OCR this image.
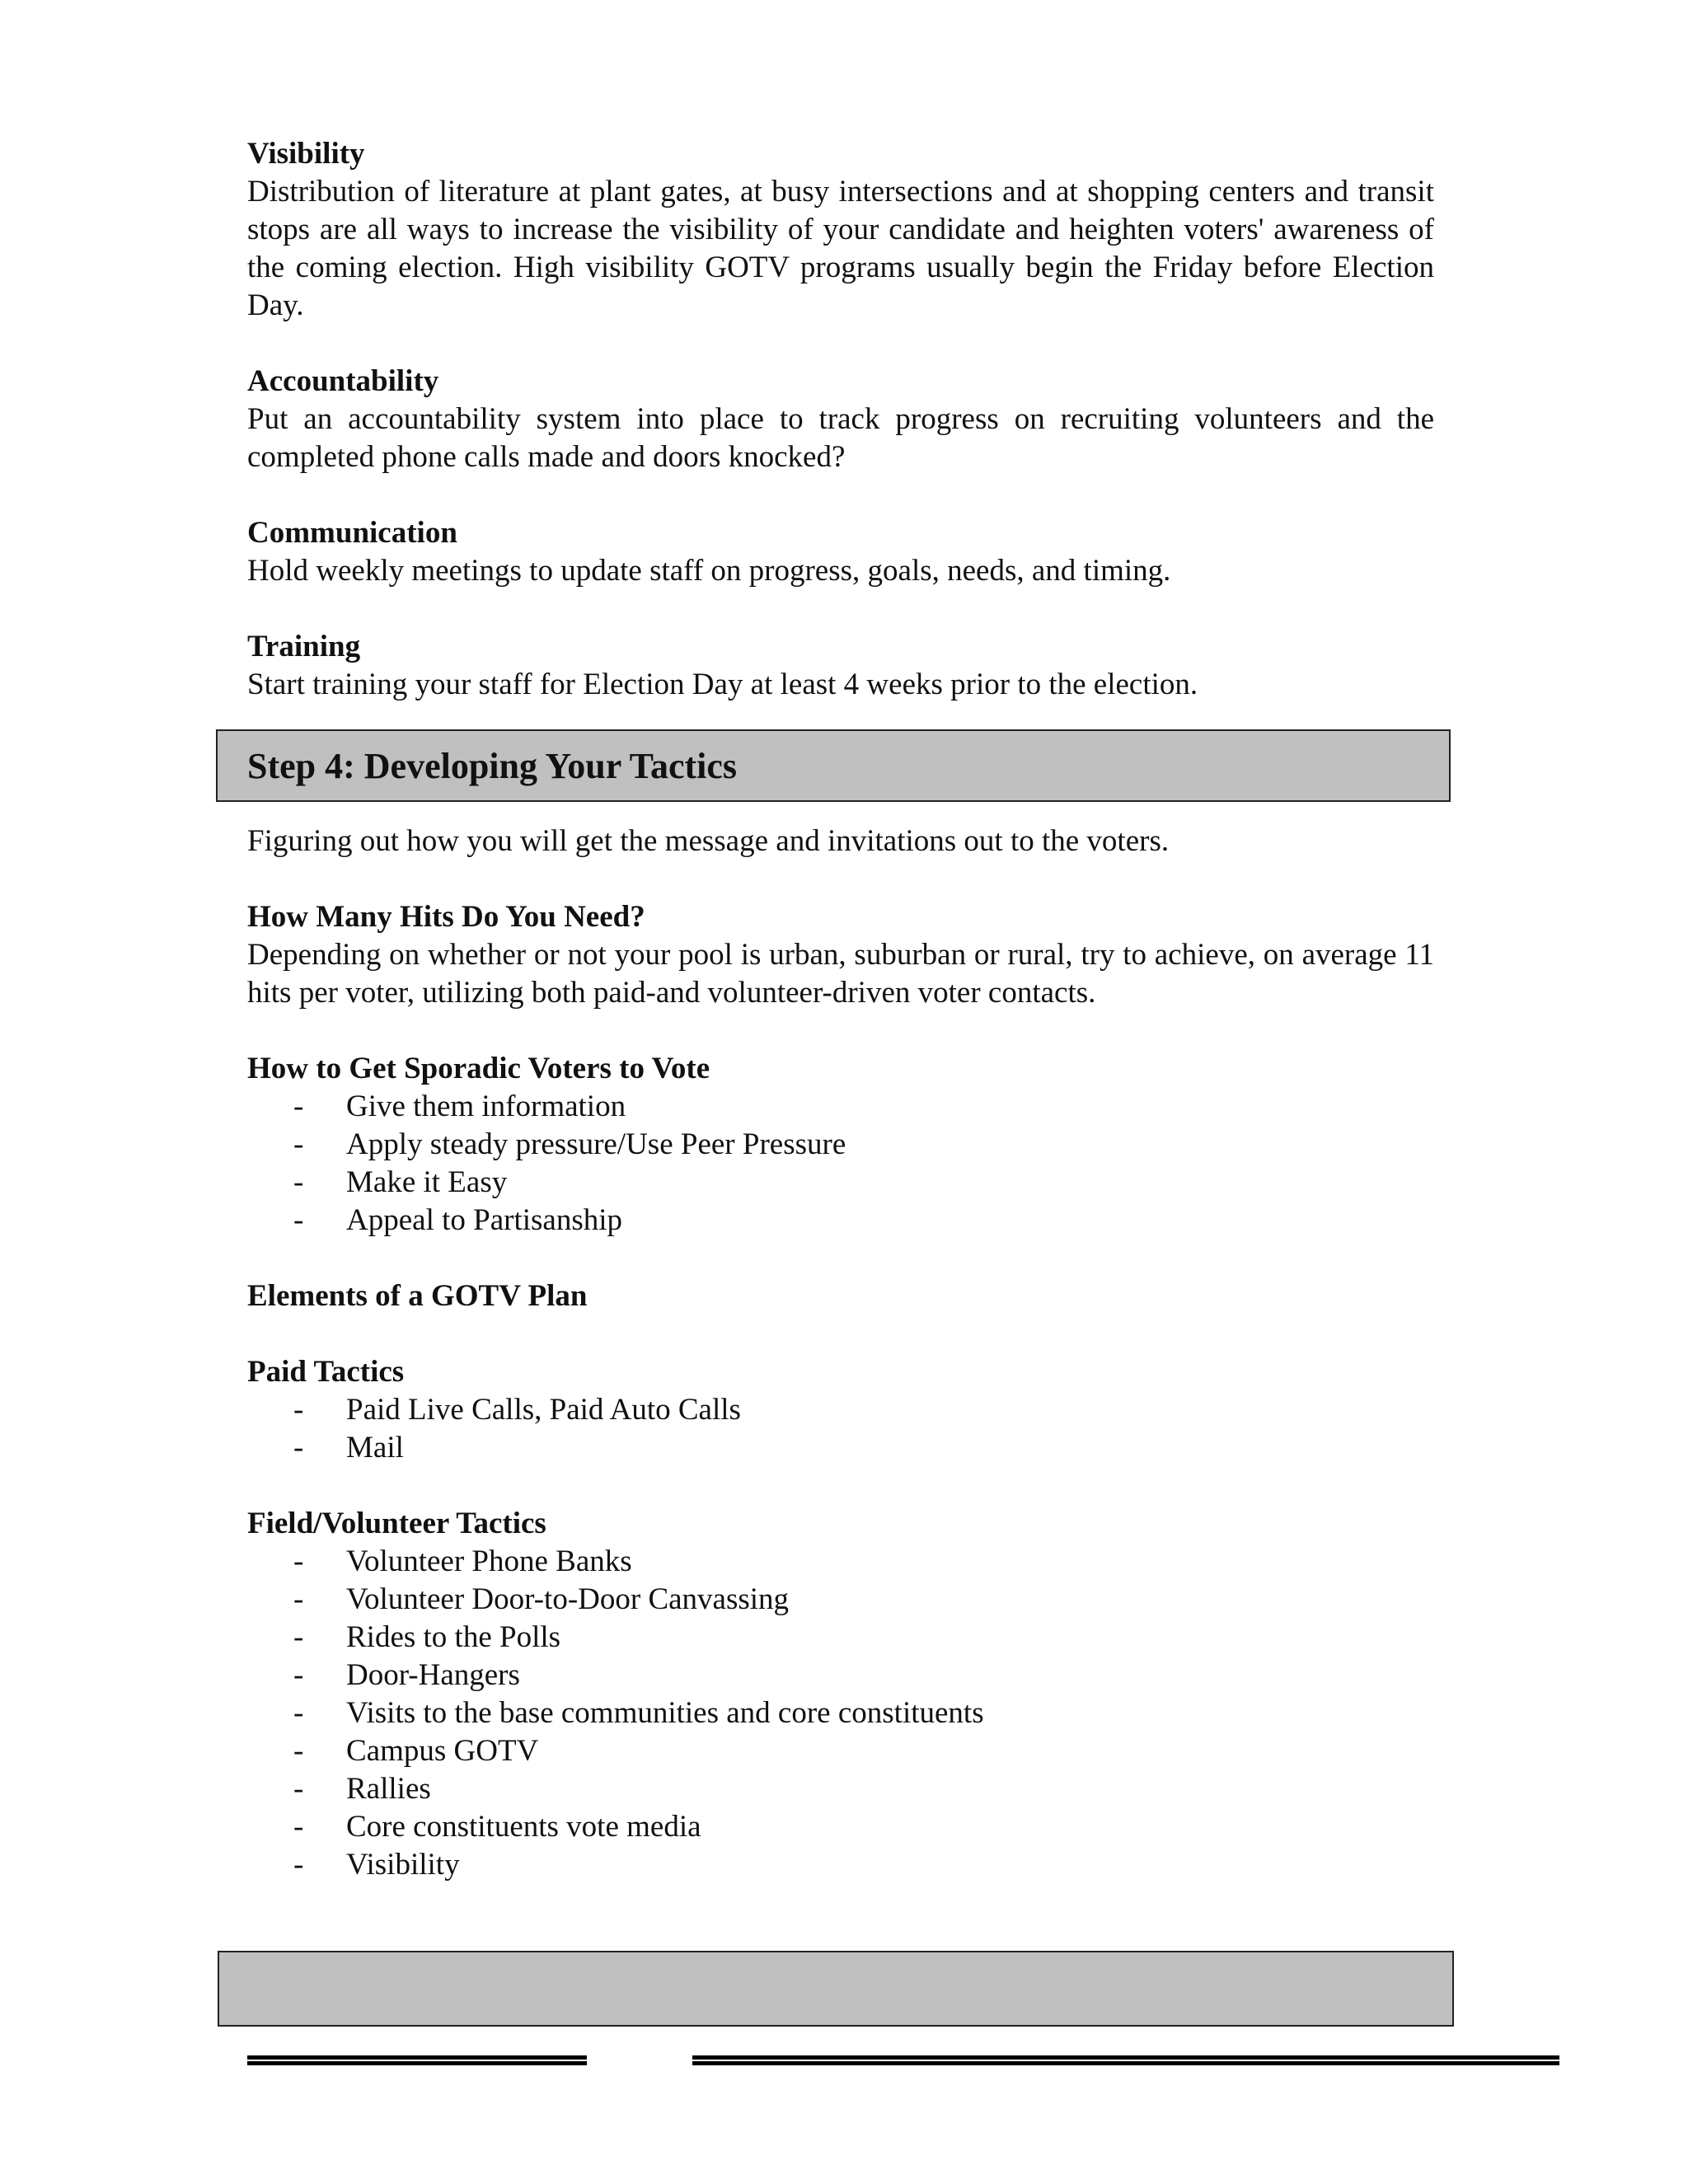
Visibility

Distribution of literature at plant gates, at busy intersections and at shopping centers and transit stops are all ways to increase the visibility of your candidate and heighten voters' awareness of the coming election. High visibility GOTV programs usually begin the Friday before Election Day.

Accountability

Put an accountability system into place to track progress on recruiting volunteers and the completed phone calls made and doors knocked?

Communication

Hold weekly meetings to update staff on progress, goals, needs, and timing.

Training

Start training your staff for Election Day at least 4 weeks prior to the election.

Step 4: Developing Your Tactics

Figuring out how you will get the message and invitations out to the voters.

How Many Hits Do You Need?

Depending on whether or not your pool is urban, suburban or rural, try to achieve, on average 11 hits per voter, utilizing both paid-and volunteer-driven voter contacts.

How to Get Sporadic Voters to Vote

- Give them information
- Apply steady pressure/Use Peer Pressure
- Make it Easy
- Appeal to Partisanship

Elements of a GOTV Plan

Paid Tactics

- Paid Live Calls, Paid Auto Calls
- Mail

Field/Volunteer Tactics

- Volunteer Phone Banks
- Volunteer Door-to-Door Canvassing
- Rides to the Polls
- Door-Hangers
- Visits to the base communities and core constituents
- Campus GOTV
- Rallies
- Core constituents vote media
- Visibility
